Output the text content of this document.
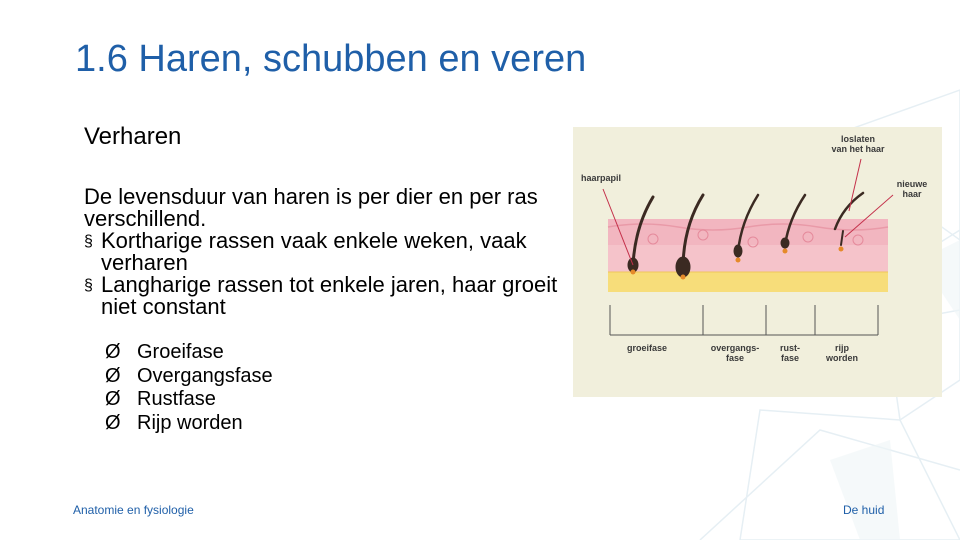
1.6 Haren, schubben en veren
Verharen

De levensduur van haren is per dier en per ras verschillend.

§ Kortharige rassen vaak enkele weken, vaak verharen
§ Langharige rassen tot enkele jaren, haar groeit niet constant
Ø Groeifase
Ø Overgangsfase
Ø Rustfase
Ø Rijp worden
haarpapil
loslaten
van het haar
nieuwe
haar
groeifase	overgangs-
fase
rust-
fase
rijp
worden
Anatomie en fysiologie	De huid
